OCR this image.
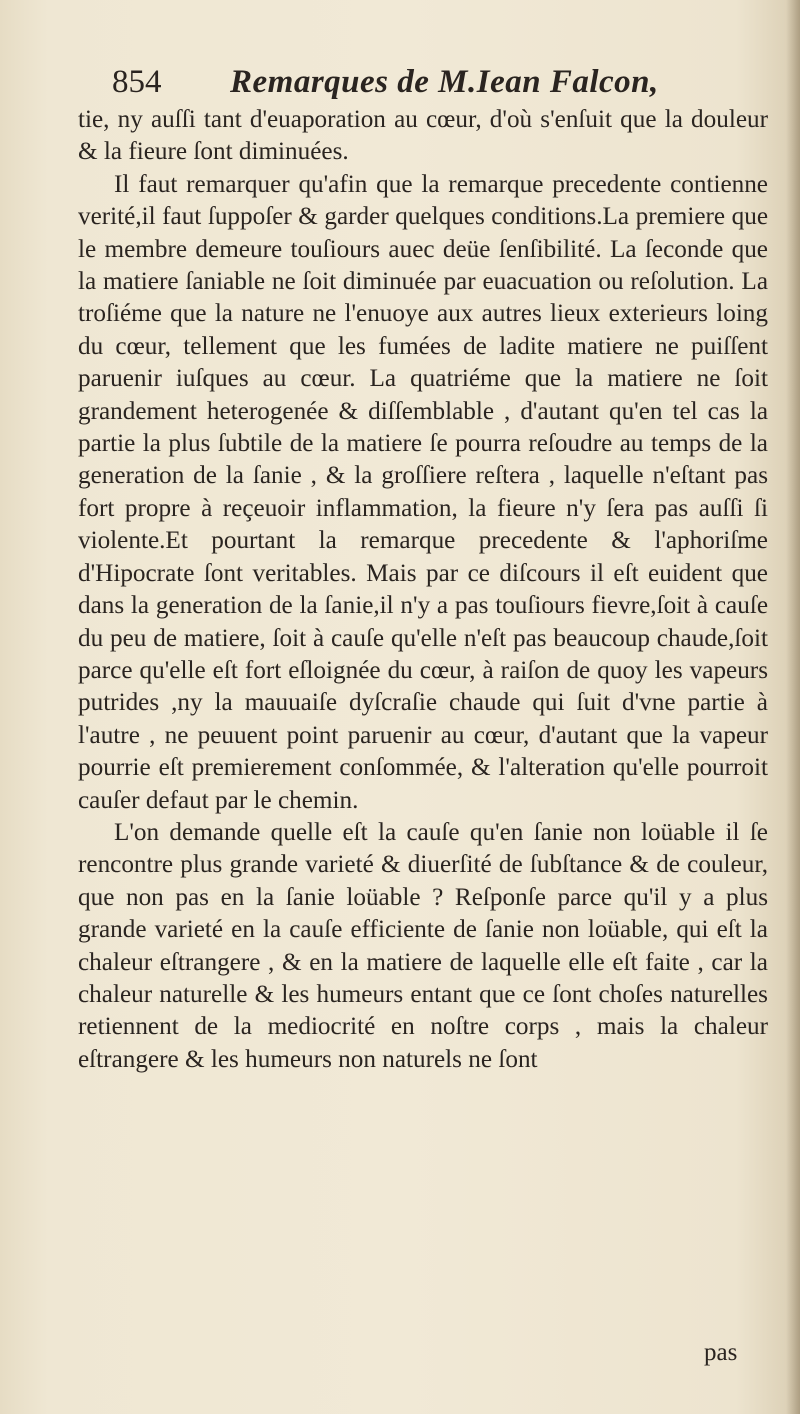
854 Remarques de M.Iean Falcon,

tie, ny auſſi tant d'euaporation au cœur, d'où s'enſuit que la douleur & la fieure ſont diminuées.

Il faut remarquer qu'afin que la remarque precedente contienne verité,il faut ſuppoſer & garder quelques conditions.La premiere que le membre demeure touſiours auec deüe ſenſibilité. La ſeconde que la matiere ſaniable ne ſoit diminuée par euacuation ou reſolution. La troſiéme que la nature ne l'enuoye aux autres lieux exterieurs loing du cœur, tellement que les fumées de ladite matiere ne puiſſent paruenir iuſques au cœur. La quatriéme que la matiere ne ſoit grandement heterogenée & diſſemblable , d'autant qu'en tel cas la partie la plus ſubtile de la matiere ſe pourra reſoudre au temps de la generation de la ſanie , & la groſſiere reſtera , laquelle n'eſtant pas fort propre à reçeuoir inflammation, la fieure n'y ſera pas auſſi ſi violente.Et pourtant la remarque precedente & l'aphoriſme d'Hipocrate ſont veritables. Mais par ce diſcours il eſt euident que dans la generation de la ſanie,il n'y a pas touſiours fievre,ſoit à cauſe du peu de matiere, ſoit à cauſe qu'elle n'eſt pas beaucoup chaude,ſoit parce qu'elle eſt fort eſloignée du cœur, à raiſon de quoy les vapeurs putrides ,ny la mauuaiſe dyſcraſie chaude qui ſuit d'vne partie à l'autre , ne peuuent point paruenir au cœur, d'autant que la vapeur pourrie eſt premierement conſommée, & l'alteration qu'elle pourroit cauſer defaut par le chemin.

L'on demande quelle eſt la cauſe qu'en ſanie non loüable il ſe rencontre plus grande varieté & diuerſité de ſubſtance & de couleur, que non pas en la ſanie loüable ? Reſponſe parce qu'il y a plus grande varieté en la cauſe efficiente de ſanie non loüable, qui eſt la chaleur eſtrangere , & en la matiere de laquelle elle eſt faite , car la chaleur naturelle & les humeurs entant que ce ſont choſes naturelles retiennent de la mediocrité en noſtre corps , mais la chaleur eſtrangere & les humeurs non naturels ne ſont

pas
